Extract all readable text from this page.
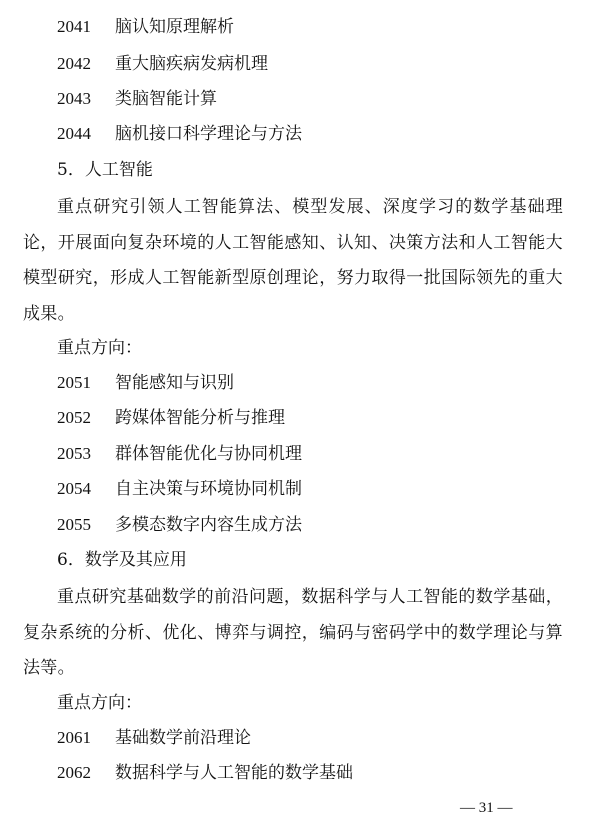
2041 脑认知原理解析
2042 重大脑疾病发病机理
2043 类脑智能计算
2044 脑机接口科学理论与方法
5．人工智能
重点研究引领人工智能算法、模型发展、深度学习的数学基础理论，开展面向复杂环境的人工智能感知、认知、决策方法和人工智能大模型研究，形成人工智能新型原创理论，努力取得一批国际领先的重大成果。
重点方向：
2051 智能感知与识别
2052 跨媒体智能分析与推理
2053 群体智能优化与协同机理
2054 自主决策与环境协同机制
2055 多模态数字内容生成方法
6．数学及其应用
重点研究基础数学的前沿问题，数据科学与人工智能的数学基础，复杂系统的分析、优化、博弈与调控，编码与密码学中的数学理论与算法等。
重点方向：
2061 基础数学前沿理论
2062 数据科学与人工智能的数学基础
— 31 —
